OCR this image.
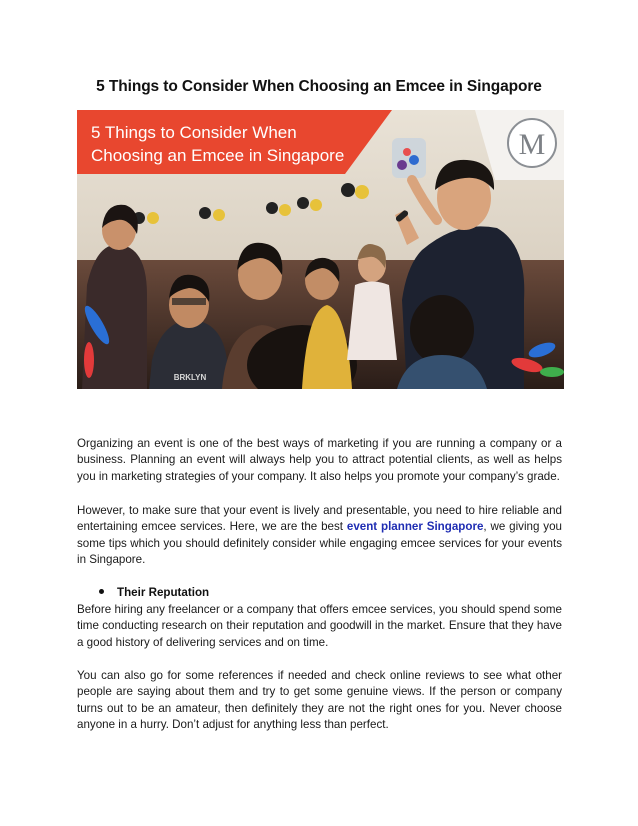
5 Things to Consider When Choosing an Emcee in Singapore
5 Things to Consider When
Choosing an Emcee in Singapore	M
BRKLYN
Organizing an event is one of the best ways of marketing if you are running a company or a business. Planning an event will always help you to attract potential clients, as well as helps you in marketing strategies of your company. It also helps you promote your company’s grade.
However, to make sure that your event is lively and presentable, you need to hire reliable and entertaining emcee services. Here, we are the best event planner Singapore, we giving you some tips which you should definitely consider while engaging emcee services for your events in Singapore.
Their Reputation
Before hiring any freelancer or a company that offers emcee services, you should spend some time conducting research on their reputation and goodwill in the market. Ensure that they have a good history of delivering services and on time.
You can also go for some references if needed and check online reviews to see what other people are saying about them and try to get some genuine views. If the person or company turns out to be an amateur, then definitely they are not the right ones for you. Never choose anyone in a hurry. Don’t adjust for anything less than perfect.
